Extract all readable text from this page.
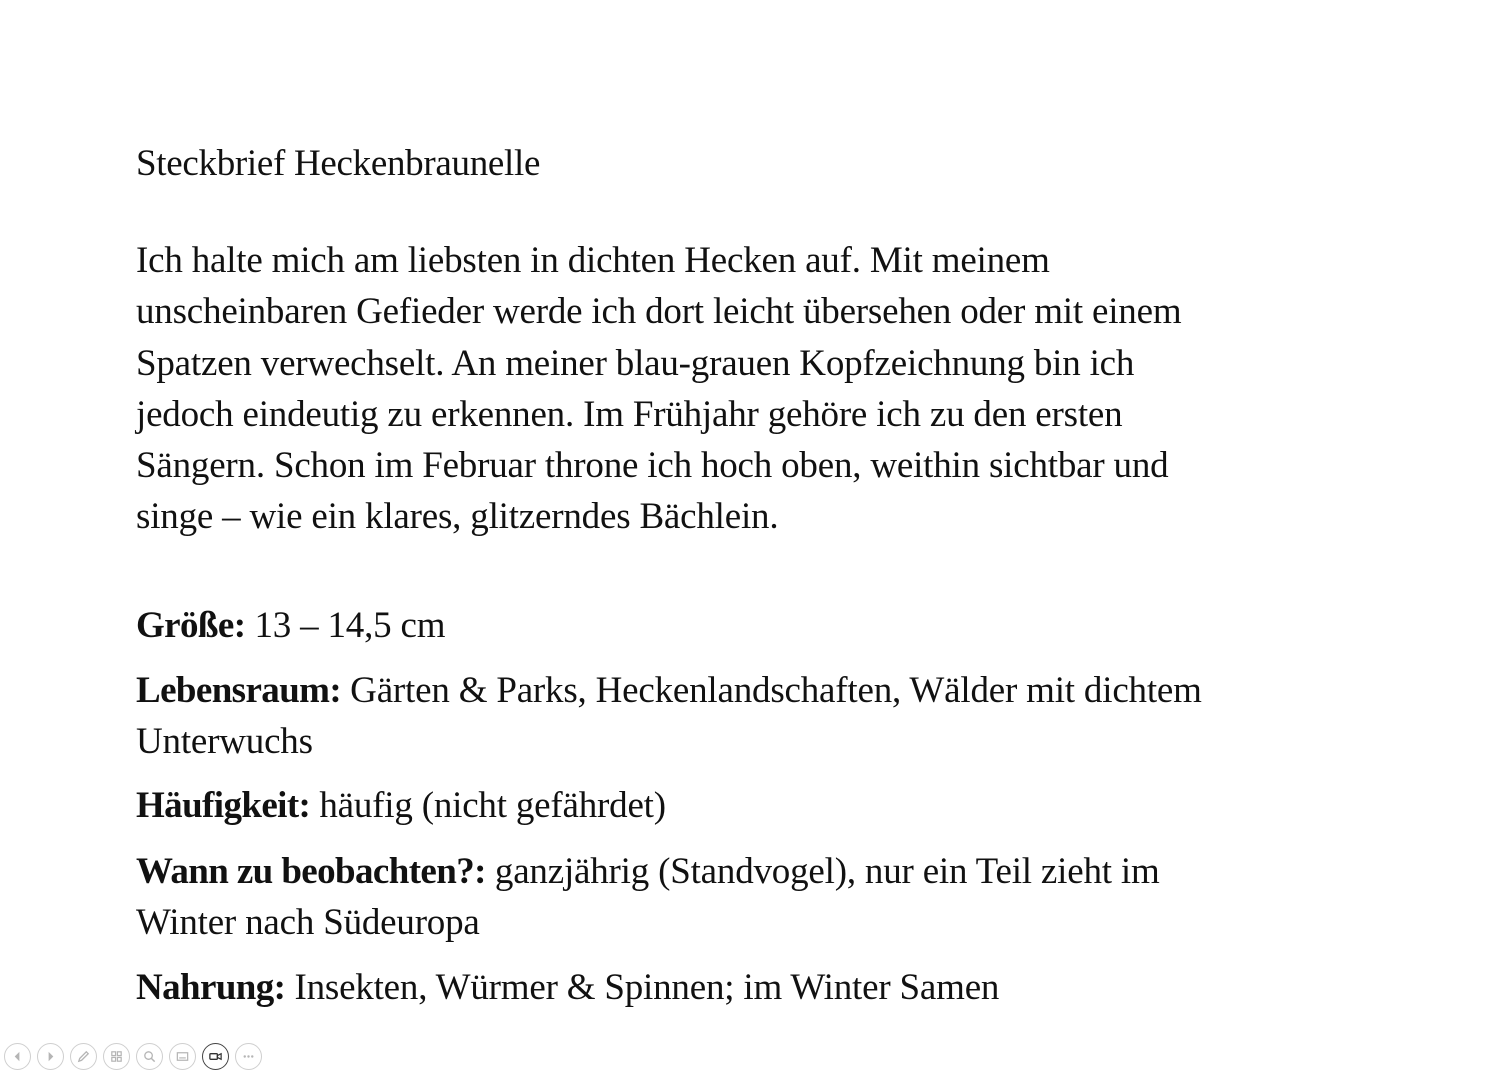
Steckbrief Heckenbraunelle
Ich halte mich am liebsten in dichten Hecken auf. Mit meinem
unscheinbaren Gefieder werde ich dort leicht übersehen oder mit einem
Spatzen verwechselt. An meiner blau-grauen Kopfzeichnung bin ich
jedoch eindeutig zu erkennen. Im Frühjahr gehöre ich zu den ersten
Sängern. Schon im Februar throne ich hoch oben, weithin sichtbar und
singe – wie ein klares, glitzerndes Bächlein.
Größe: 13 – 14,5 cm
Lebensraum: Gärten & Parks, Heckenlandschaften, Wälder mit dichtem
Unterwuchs
Häufigkeit: häufig (nicht gefährdet)
Wann zu beobachten?: ganzjährig (Standvogel), nur ein Teil zieht im
Winter nach Südeuropa
Nahrung: Insekten, Würmer & Spinnen; im Winter Samen
